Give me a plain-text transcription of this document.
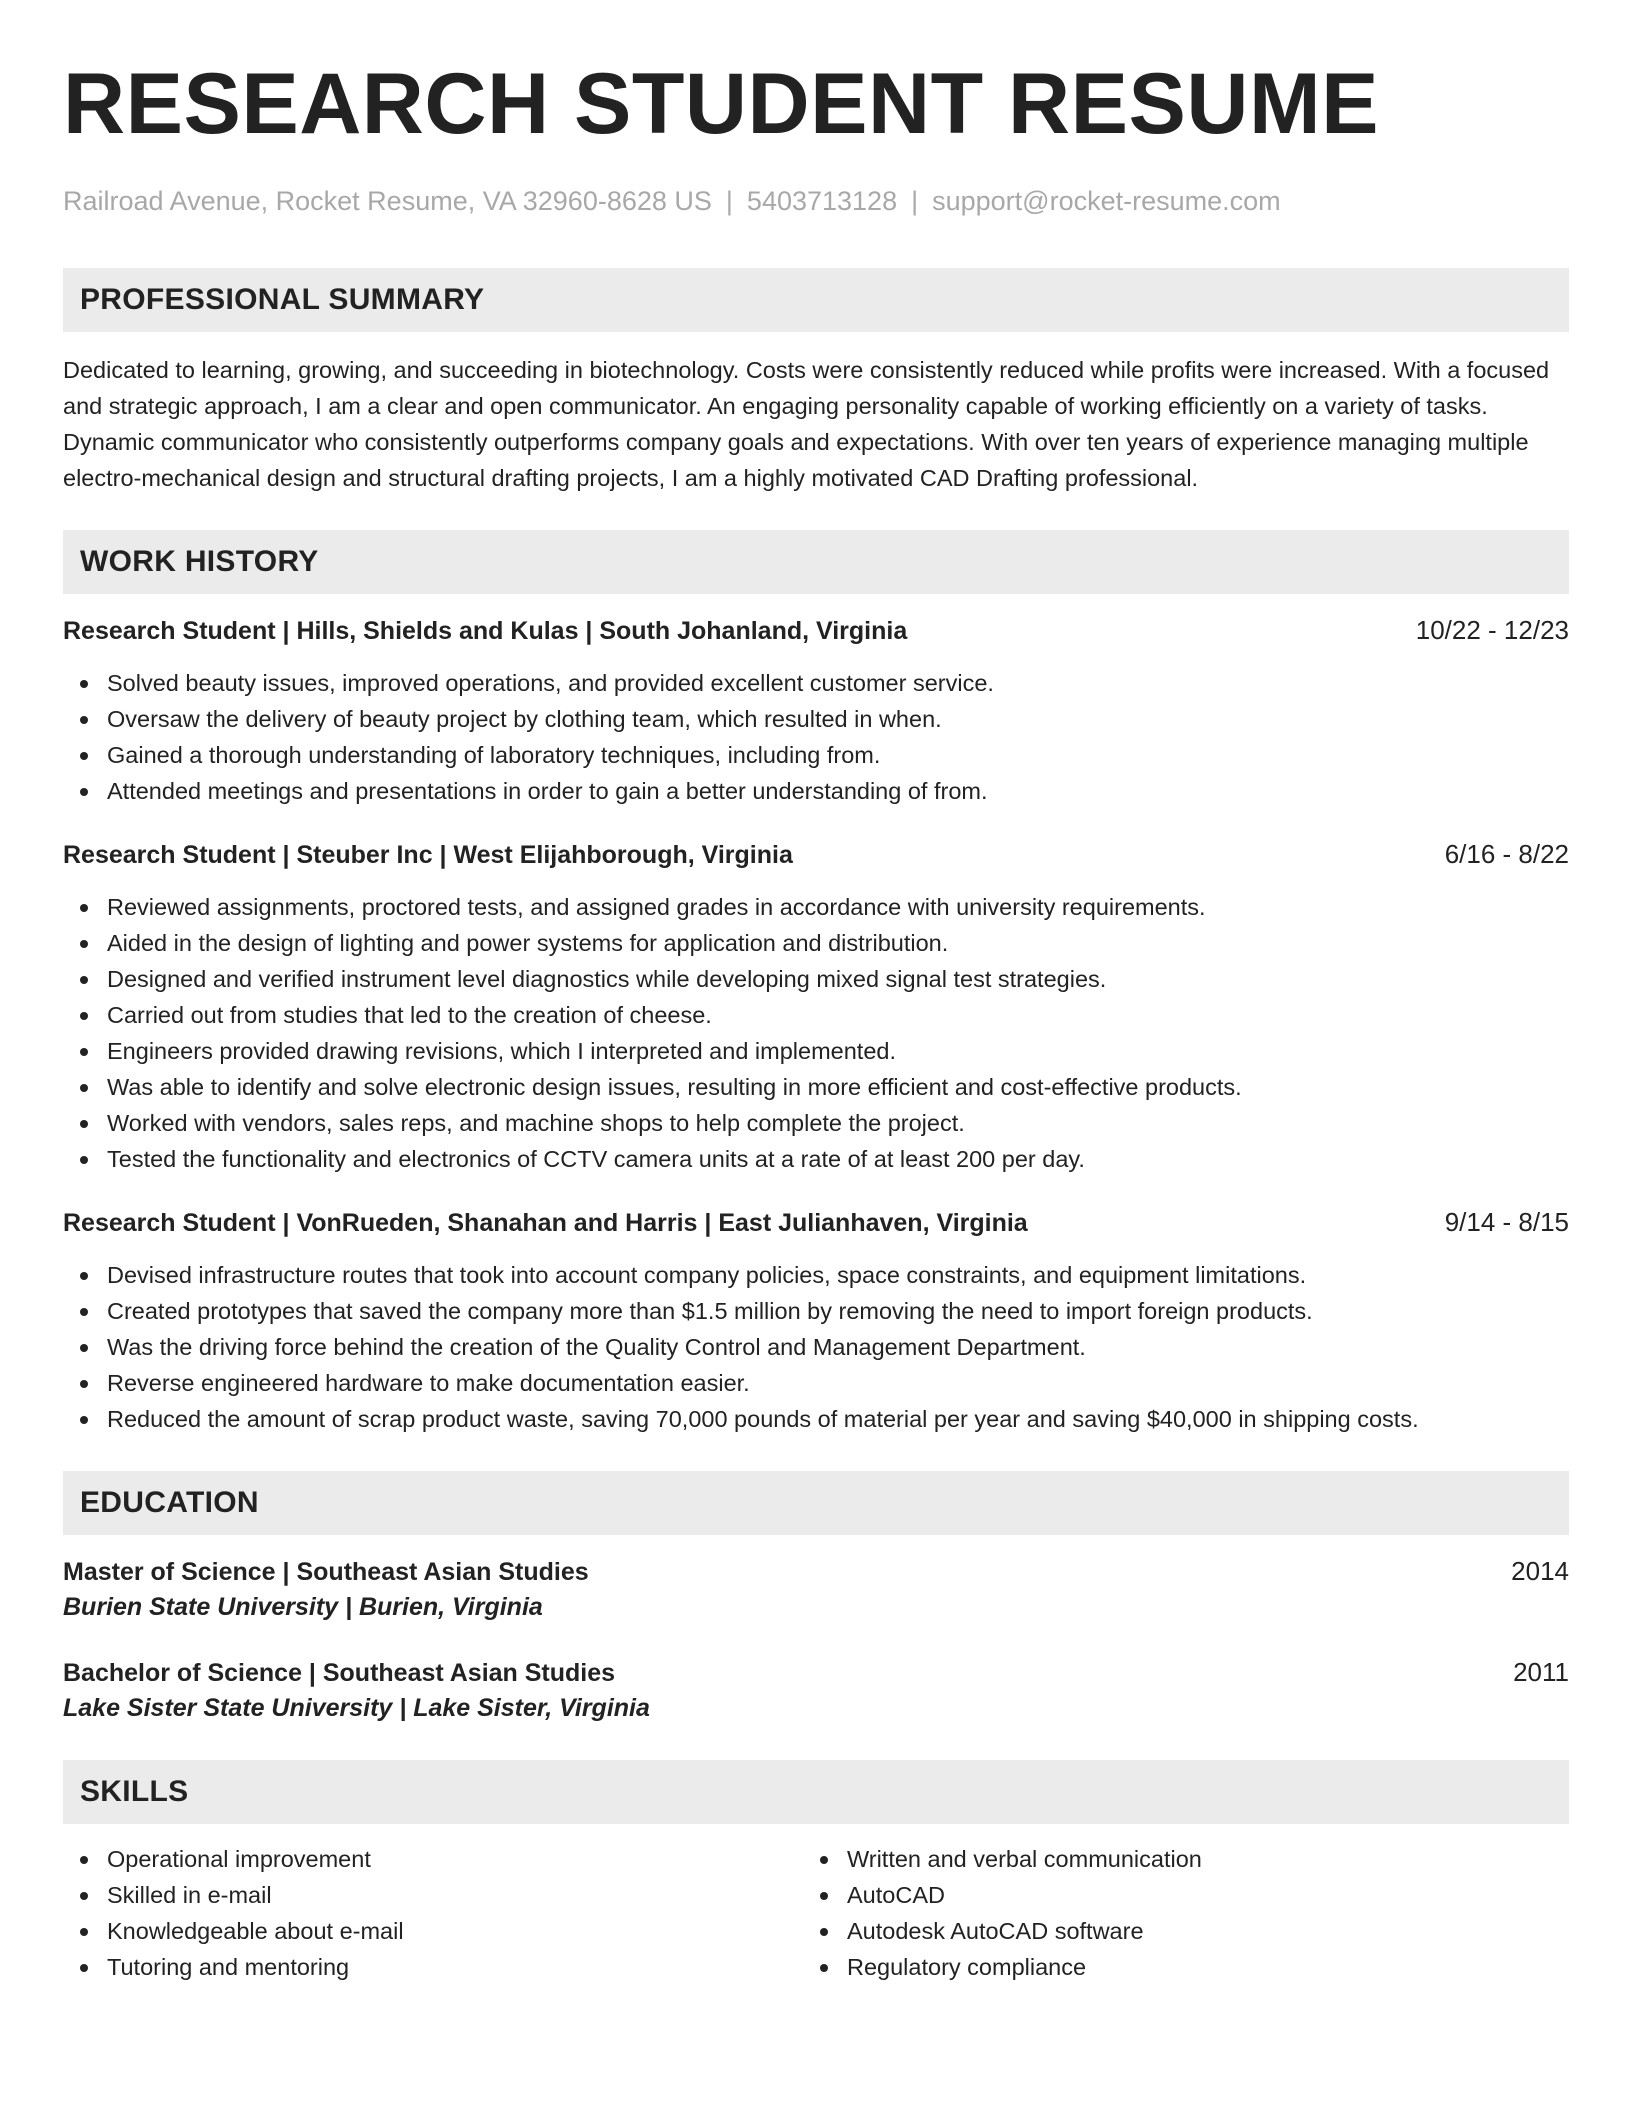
RESEARCH STUDENT RESUME
Railroad Avenue, Rocket Resume, VA 32960-8628 US | 5403713128 | support@rocket-resume.com
PROFESSIONAL SUMMARY
Dedicated to learning, growing, and succeeding in biotechnology. Costs were consistently reduced while profits were increased. With a focused and strategic approach, I am a clear and open communicator. An engaging personality capable of working efficiently on a variety of tasks. Dynamic communicator who consistently outperforms company goals and expectations. With over ten years of experience managing multiple electro-mechanical design and structural drafting projects, I am a highly motivated CAD Drafting professional.
WORK HISTORY
Research Student | Hills, Shields and Kulas | South Johanland, Virginia	10/22 - 12/23
Solved beauty issues, improved operations, and provided excellent customer service.
Oversaw the delivery of beauty project by clothing team, which resulted in when.
Gained a thorough understanding of laboratory techniques, including from.
Attended meetings and presentations in order to gain a better understanding of from.
Research Student | Steuber Inc | West Elijahborough, Virginia	6/16 - 8/22
Reviewed assignments, proctored tests, and assigned grades in accordance with university requirements.
Aided in the design of lighting and power systems for application and distribution.
Designed and verified instrument level diagnostics while developing mixed signal test strategies.
Carried out from studies that led to the creation of cheese.
Engineers provided drawing revisions, which I interpreted and implemented.
Was able to identify and solve electronic design issues, resulting in more efficient and cost-effective products.
Worked with vendors, sales reps, and machine shops to help complete the project.
Tested the functionality and electronics of CCTV camera units at a rate of at least 200 per day.
Research Student | VonRueden, Shanahan and Harris | East Julianhaven, Virginia	9/14 - 8/15
Devised infrastructure routes that took into account company policies, space constraints, and equipment limitations.
Created prototypes that saved the company more than $1.5 million by removing the need to import foreign products.
Was the driving force behind the creation of the Quality Control and Management Department.
Reverse engineered hardware to make documentation easier.
Reduced the amount of scrap product waste, saving 70,000 pounds of material per year and saving $40,000 in shipping costs.
EDUCATION
Master of Science | Southeast Asian Studies	2014
Burien State University | Burien, Virginia
Bachelor of Science | Southeast Asian Studies	2011
Lake Sister State University | Lake Sister, Virginia
SKILLS
Operational improvement
Skilled in e-mail
Knowledgeable about e-mail
Tutoring and mentoring
Written and verbal communication
AutoCAD
Autodesk AutoCAD software
Regulatory compliance
